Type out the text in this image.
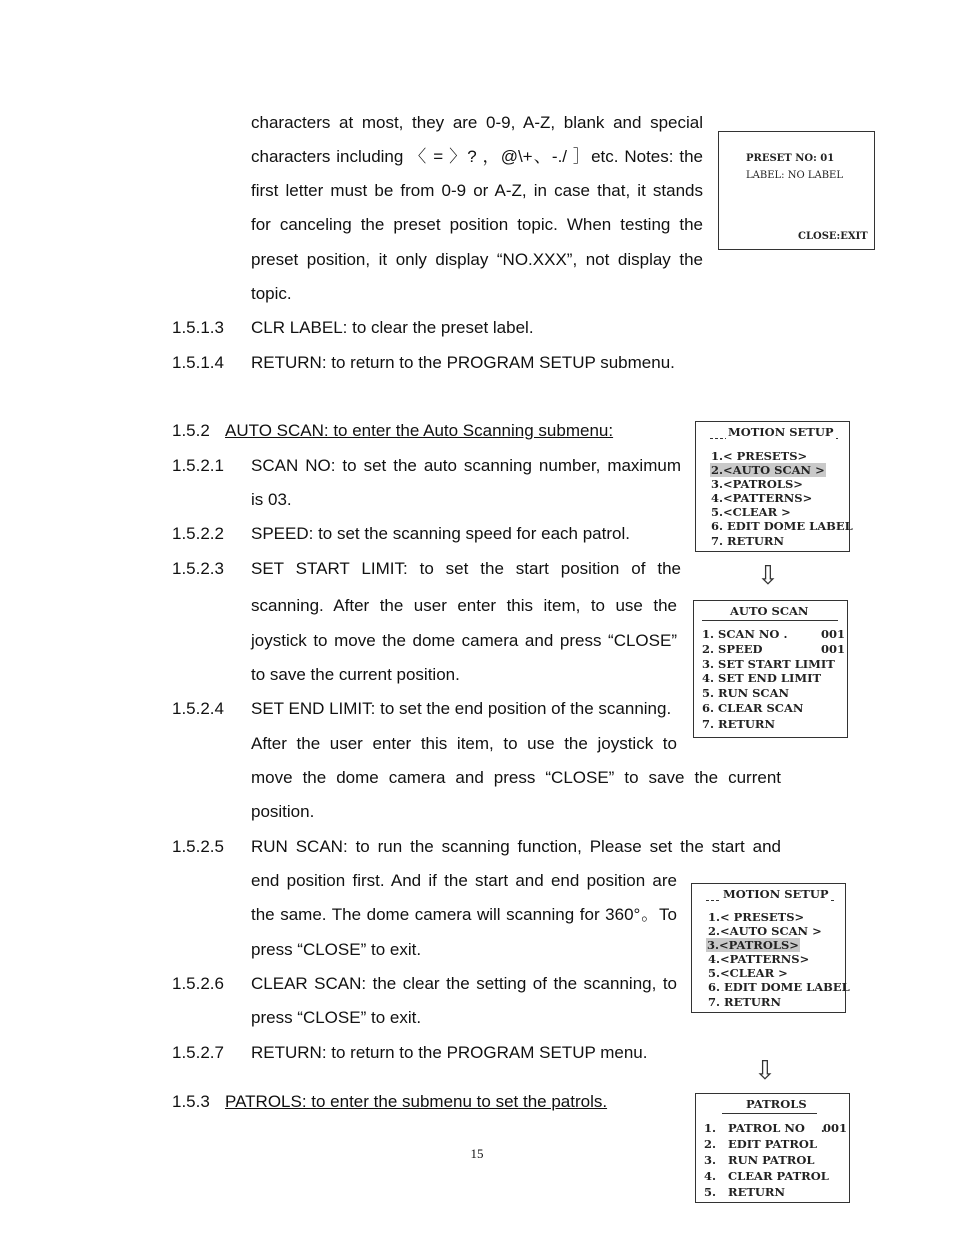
characters at most, they are 0-9, A-Z, blank and special
characters including 〈 = 〉? ，@\+、-./ ］etc. Notes: the
first letter must be from 0-9 or A-Z, in case that, it stands
for canceling the preset position topic. When testing the
preset position, it only display “NO.XXX”, not display the
topic.
1.5.1.3 CLR LABEL: to clear the preset label.
1.5.1.4 RETURN: to return to the PROGRAM SETUP submenu.
1.5.2 AUTO SCAN: to enter the Auto Scanning submenu:
1.5.2.1 SCAN NO: to set the auto scanning number, maximum
is 03.
1.5.2.2 SPEED: to set the scanning speed for each patrol.
1.5.2.3 SET START LIMIT: to set the start position of the
scanning. After the user enter this item, to use the
joystick to move the dome camera and press “CLOSE”
to save the current position.
1.5.2.4 SET END LIMIT: to set the end position of the scanning.
After the user enter this item, to use the joystick to
move the dome camera and press “CLOSE” to save the current
position.
1.5.2.5 RUN SCAN: to run the scanning function, Please set the start and
end position first. And if the start and end position are
the same. The dome camera will scanning for 360°。To
press “CLOSE” to exit.
1.5.2.6 CLEAR SCAN: the clear the setting of the scanning, to
press “CLOSE” to exit.
1.5.2.7 RETURN: to return to the PROGRAM SETUP menu.
1.5.3 PATROLS: to enter the submenu to set the patrols.
PRESET NO: 01
LABEL: NO LABEL
CLOSE:EXIT
MOTION SETUP
1.< PRESETS>
2.<AUTO SCAN >
3.<PATROLS>
4.<PATTERNS>
5.<CLEAR >
6. EDIT DOME LABEL
7. RETURN
⇩
AUTO SCAN
1. SCAN NO .	001
2. SPEED	001
3. SET START LIMIT
4. SET END LIMIT
5. RUN SCAN
6. CLEAR SCAN
7. RETURN
MOTION SETUP
1.< PRESETS>
2.<AUTO SCAN >
3.<PATROLS>
4.<PATTERNS>
5.<CLEAR >
6. EDIT DOME LABEL
7. RETURN
⇩
PATROLS
1.   PATROL NO    .
001
2.   EDIT PATROL
3.   RUN PATROL
4.   CLEAR PATROL
5.   RETURN
15
